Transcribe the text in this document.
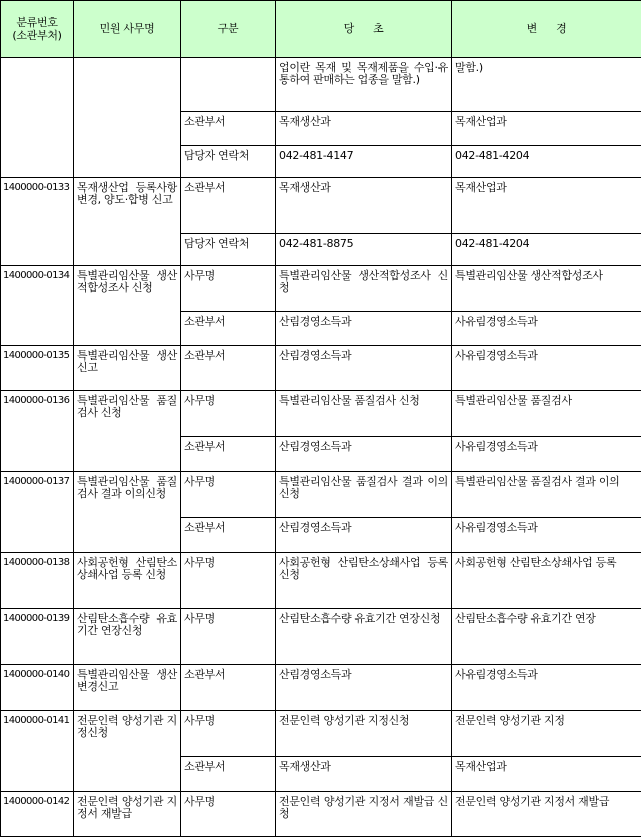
분류번호
(소관부처)	민원 사무명	구분	당      초	변      경
			업이란 목재 및 목재제품을 수입·유통하여 판매하는 업종을 말함.)	말함.)
		소관부서	목재생산과	목재산업과
		담당자 연락처	042-481-4147	042-481-4204
1400000-0133	목재생산업 등록사항 변경, 양도·합병 신고	소관부서	목재생산과	목재산업과
		담당자 연락처	042-481-8875	042-481-4204
1400000-0134	특별관리임산물 생산적합성조사 신청	사무명	특별관리임산물 생산적합성조사 신청	특별관리임산물 생산적합성조사
		소관부서	산림경영소득과	사유림경영소득과
1400000-0135	특별관리임산물 생산신고	소관부서	산림경영소득과	사유림경영소득과
1400000-0136	특별관리임산물 품질검사 신청	사무명	특별관리임산물 품질검사 신청	특별관리임산물 품질검사
		소관부서	산림경영소득과	사유림경영소득과
1400000-0137	특별관리임산물 품질검사 결과 이의신청	사무명	특별관리임산물 품질검사 결과 이의신청	특별관리임산물 품질검사 결과 이의
		소관부서	산림경영소득과	사유림경영소득과
1400000-0138	사회공헌형 산림탄소상쇄사업 등록 신청	사무명	사회공헌형 산림탄소상쇄사업 등록 신청	사회공헌형 산림탄소상쇄사업 등록
1400000-0139	산림탄소흡수량 유효기간 연장신청	사무명	산림탄소흡수량 유효기간 연장신청	산림탄소흡수량 유효기간 연장
1400000-0140	특별관리임산물 생산변경신고	소관부서	산림경영소득과	사유림경영소득과
1400000-0141	전문인력 양성기관 지정신청	사무명	전문인력 양성기관 지정신청	전문인력 양성기관 지정
		소관부서	목재생산과	목재산업과
1400000-0142	전문인력 양성기관 지정서 재발급	사무명	전문인력 양성기관 지정서 재발급 신청	전문인력 양성기관 지정서 재발급
